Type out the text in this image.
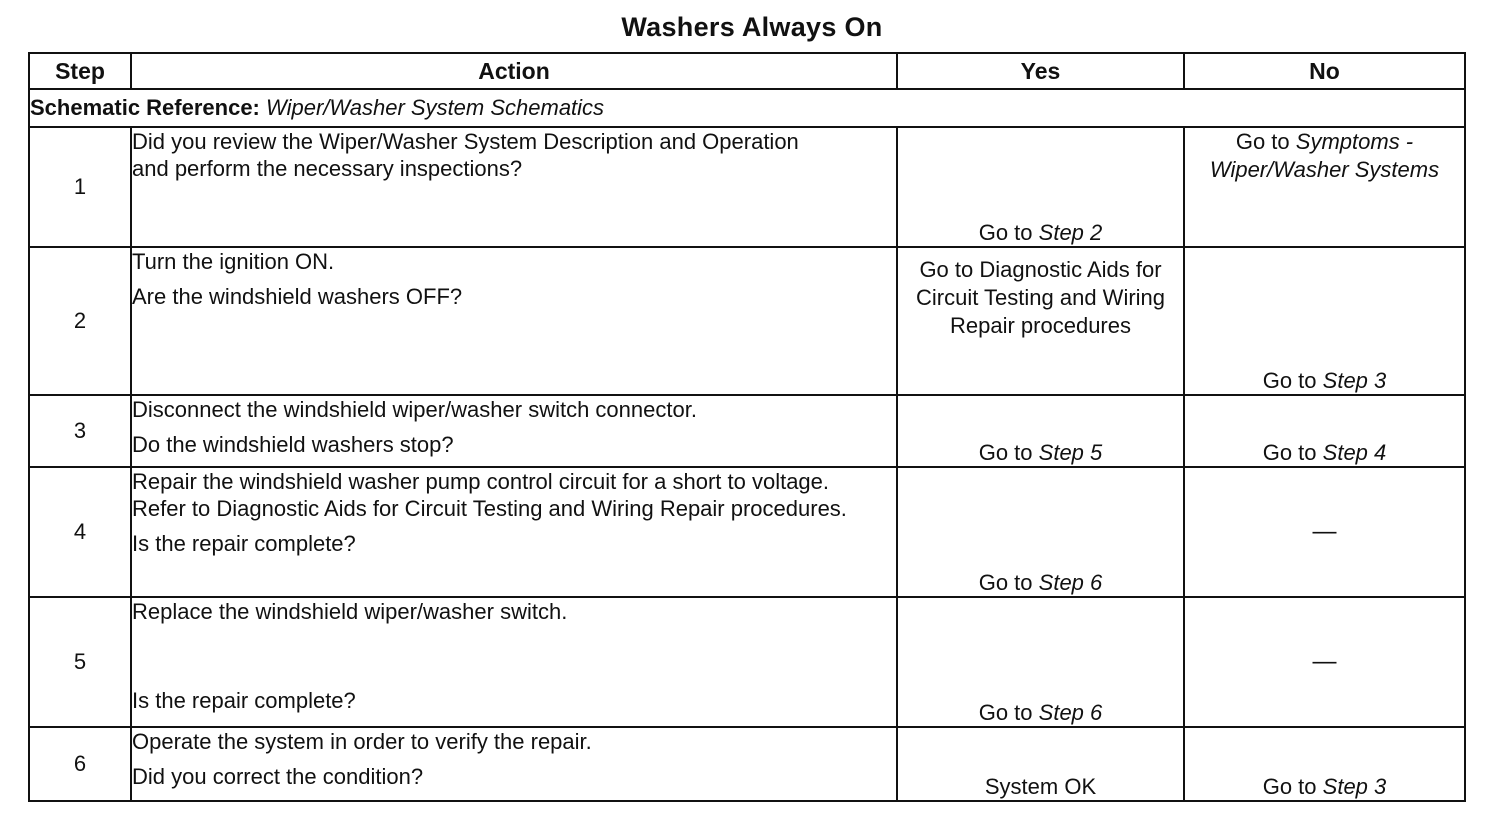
Washers Always On
Step	Action	Yes	No
Schematic Reference: Wiper/Washer System Schematics			
1	Did you review the Wiper/Washer System Description and Operation and perform the necessary inspections?	Go to Step 2	Go to Symptoms - Wiper/Washer Systems

2	Turn the ignition ON.
Are the windshield washers OFF?	Go to Diagnostic Aids for Circuit Testing and Wiring Repair procedures	Go to Step 3
3	Disconnect the windshield wiper/washer switch connector.
Do the windshield washers stop?	Go to Step 5	Go to Step 4
4	Repair the windshield washer pump control circuit for a short to voltage. Refer to Diagnostic Aids for Circuit Testing and Wiring Repair procedures.
Is the repair complete?	Go to Step 6	—
5	Replace the windshield wiper/washer switch.
Is the repair complete?	Go to Step 6	—
6	Operate the system in order to verify the repair.
Did you correct the condition?	System OK	Go to Step 3
